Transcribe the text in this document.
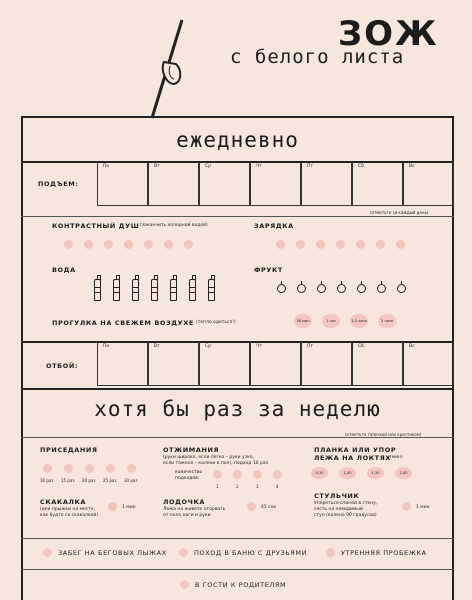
ЗОЖ
с белого листа
ежедневно
ПОДЪЕМ:
Пн	Вт	Ср	Чт	Пт	Сб	Вс
(отметьте за каждый день)
КОНТРАСТНЫЙ ДУШ (заканчить холодной водой)	ЗАРЯДКА
ВОДА	ФРУКТ
ПРОГУЛКА НА СВЕЖЕМ ВОЗДУХЕ (тепло одеться!)	30 мин	1 час	1,5 часа	2 часа
ОТБОЙ:
Пн	Вт	Ср	Чт	Пт	Сб	Вс
хотя бы раз за неделю
(отметьте галочкой или крестиком)
ПРИСЕДАНИЯ
10 раз 15 раз 20 раз 25 раз 30 раз
ОТЖИМАНИЯ
(руки широко, если легко – руки узко,
если тяжело – колени в пол), подход 10 раз
количество
подходов:
1	2	3	4
ПЛАНКА ИЛИ УПОР
ЛЕЖА НА ЛОКТЯХ (мин)
0,30	1,00	1,30	2,00
СКАКАЛКА
(или прыжки на месте,
как будто со скакалкой)
1 мин
ЛОДОЧКА
Лежа на животе оторвать
от пола ноги и руки
45 сек
СТУЛЬЧИК
Упереться спиной в стену,
сесть на невидимый
стул (колено 90 градусов)
1 мин
ЗАБЕГ НА БЕГОВЫХ ЛЫЖАХ	ПОХОД В БАНЮ С ДРУЗЬЯМИ	УТРЕННЯЯ ПРОБЕЖКА
В ГОСТИ К РОДИТЕЛЯМ
